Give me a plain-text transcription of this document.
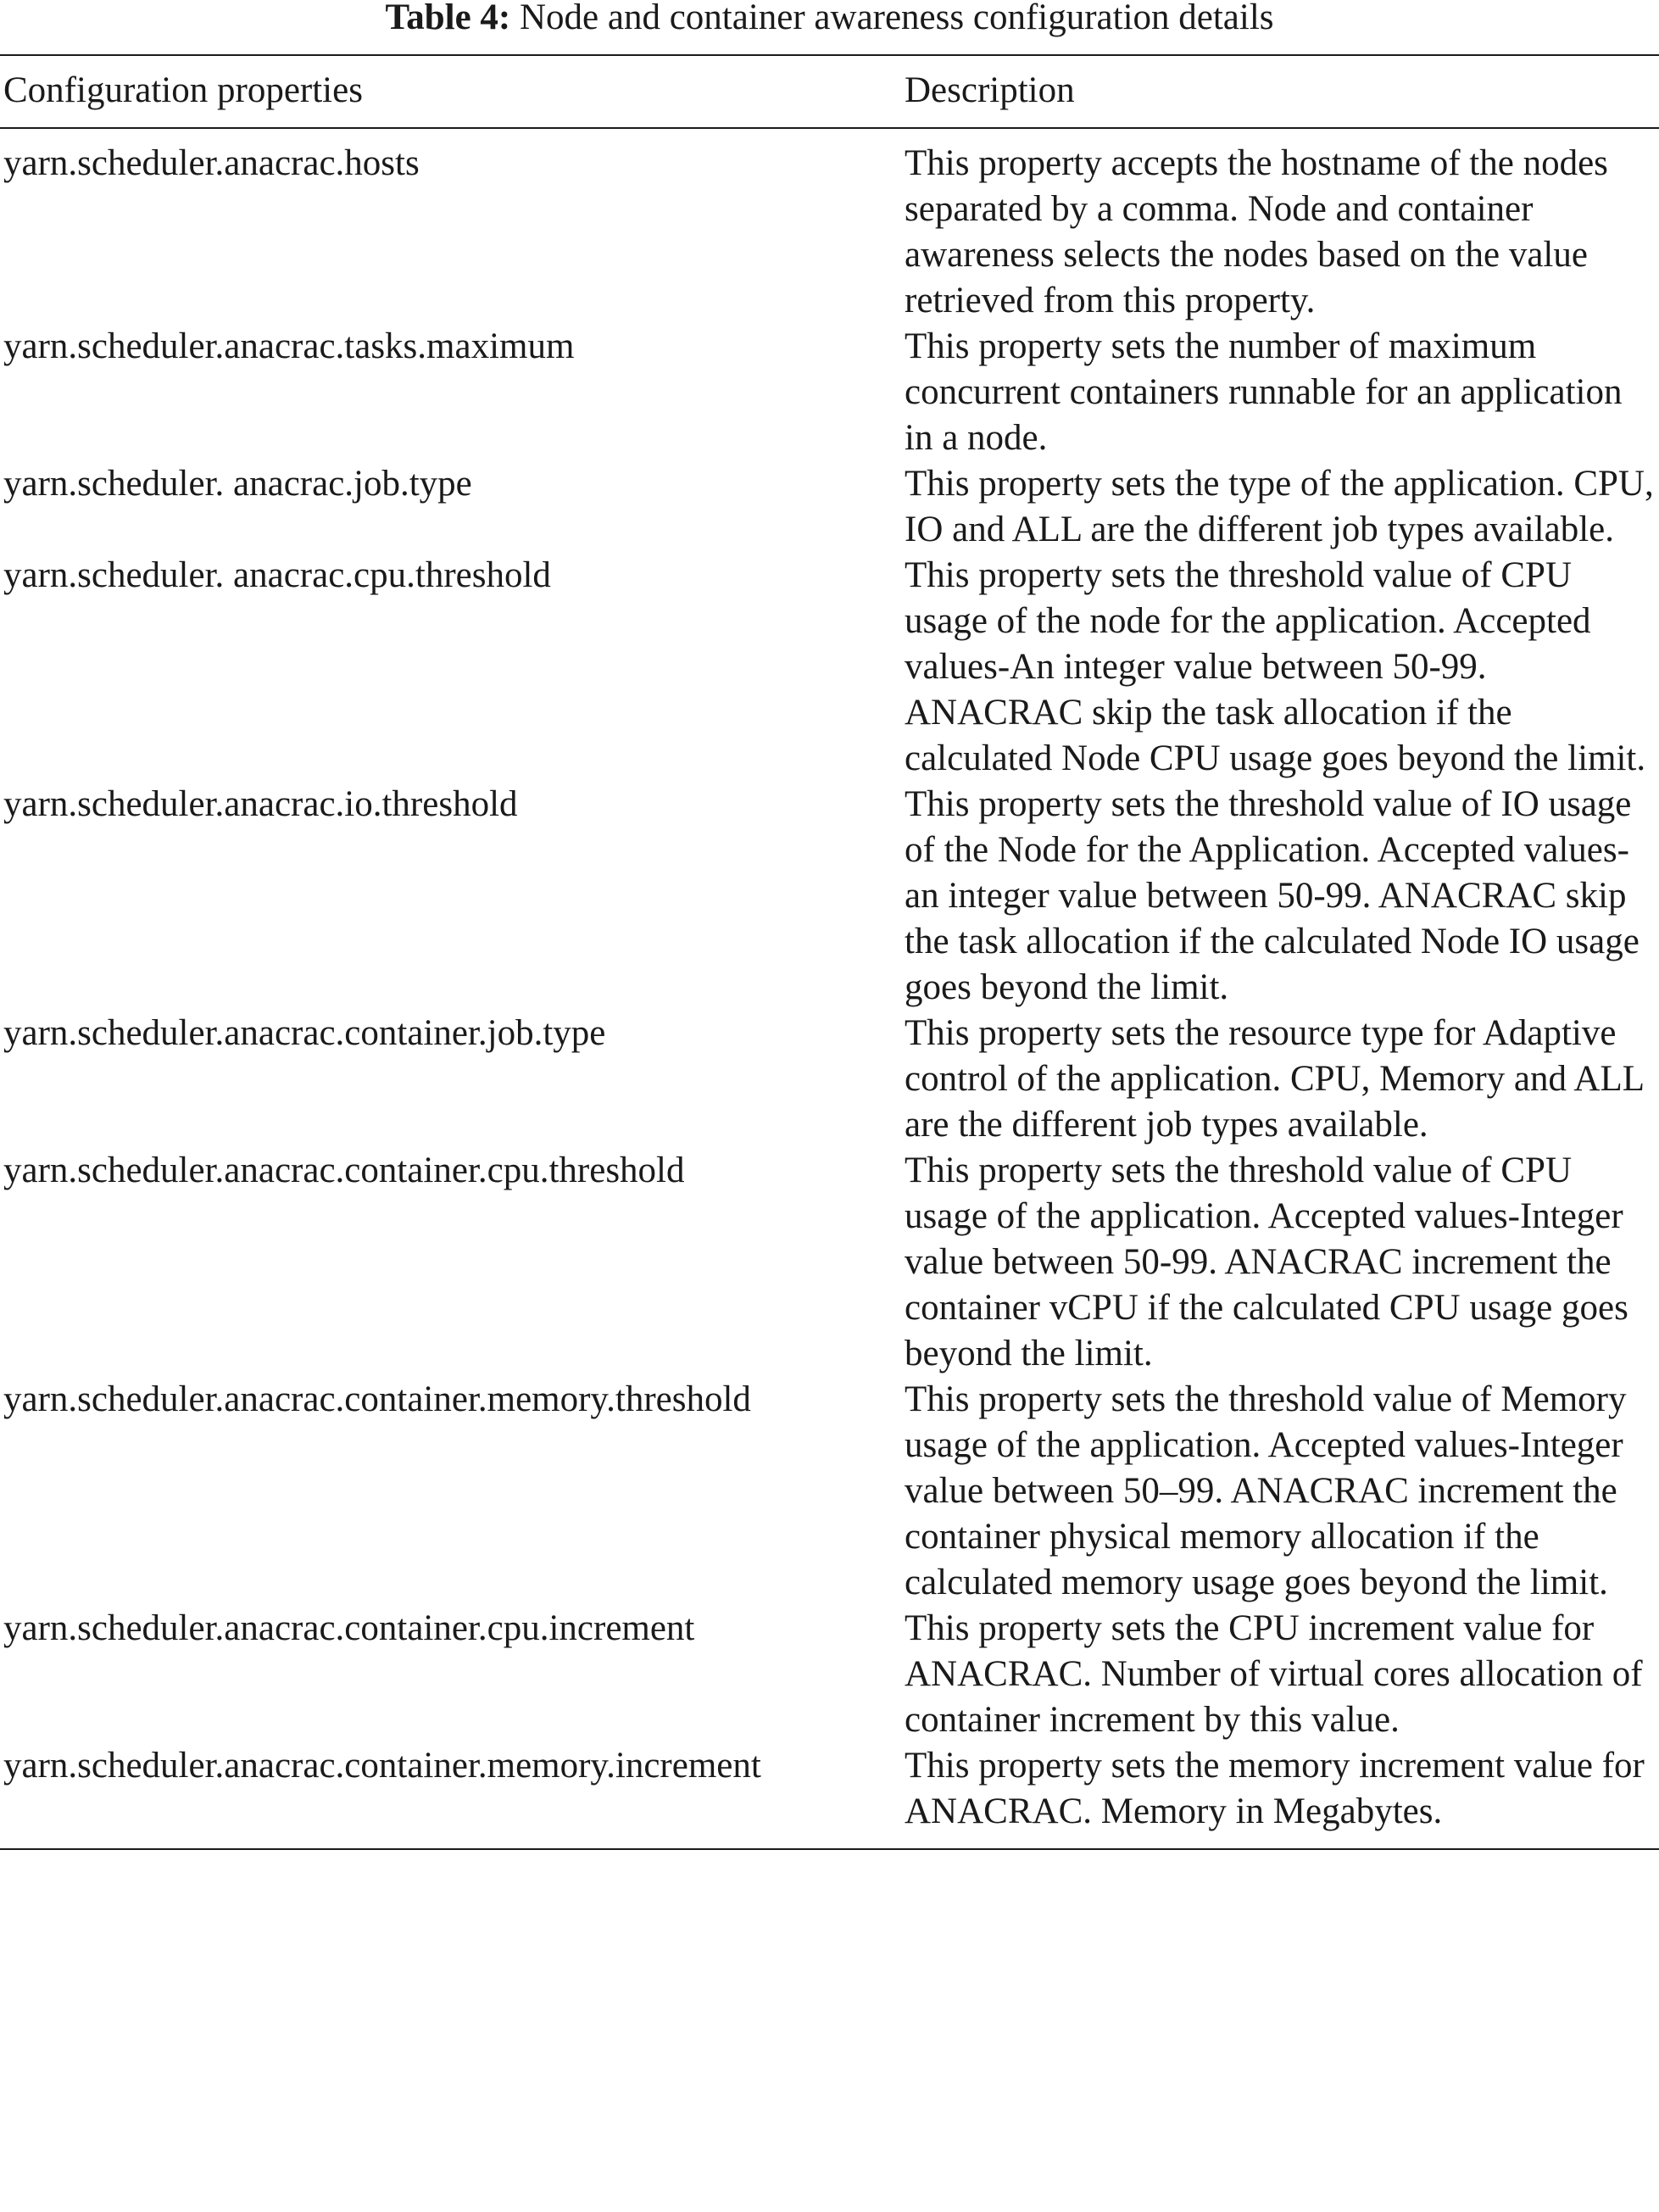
Table 4: Node and container awareness configuration details
Configuration properties	Description
yarn.scheduler.anacrac.hosts	This property accepts the hostname of the nodes separated by a comma. Node and container awareness selects the nodes based on the value retrieved from this property.
yarn.scheduler.anacrac.tasks.maximum	This property sets the number of maximum concurrent containers runnable for an application in a node.
yarn.scheduler. anacrac.job.type	This property sets the type of the application. CPU, IO and ALL are the different job types available.
yarn.scheduler. anacrac.cpu.threshold	This property sets the threshold value of CPU usage of the node for the application. Accepted values-An integer value between 50-99. ANACRAC skip the task allocation if the calculated Node CPU usage goes beyond the limit.
yarn.scheduler.anacrac.io.threshold	This property sets the threshold value of IO usage of the Node for the Application. Accepted values-an integer value between 50-99. ANACRAC skip the task allocation if the calculated Node IO usage goes beyond the limit.
yarn.scheduler.anacrac.container.job.type	This property sets the resource type for Adaptive control of the application. CPU, Memory and ALL are the different job types available.
yarn.scheduler.anacrac.container.cpu.threshold	This property sets the threshold value of CPU usage of the application. Accepted values-Integer value between 50-99. ANACRAC increment the container vCPU if the calculated CPU usage goes beyond the limit.
yarn.scheduler.anacrac.container.memory.threshold	This property sets the threshold value of Memory usage of the application. Accepted values-Integer value between 50–99. ANACRAC increment the container physical memory allocation if the calculated memory usage goes beyond the limit.
yarn.scheduler.anacrac.container.cpu.increment	This property sets the CPU increment value for ANACRAC. Number of virtual cores allocation of container increment by this value.
yarn.scheduler.anacrac.container.memory.increment	This property sets the memory increment value for ANACRAC. Memory in Megabytes.
